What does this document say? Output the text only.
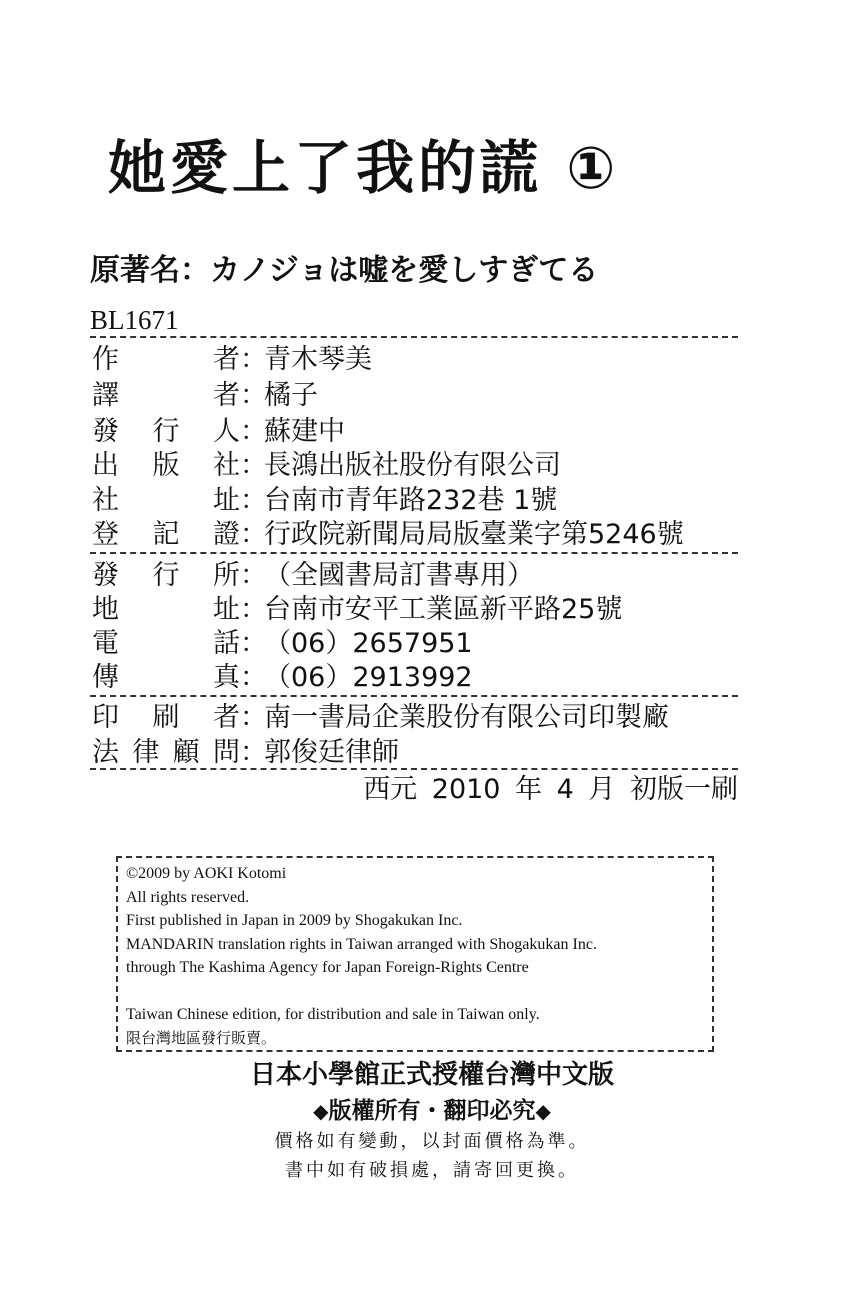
她愛上了我的謊 ①
原著名：カノジョは嘘を愛しすぎてる
BL1671
作者：青木琴美
譯者：橘子
發行人：蘇建中
出版社：長鴻出版社股份有限公司
社址：台南市青年路232巷 1號
登記證：行政院新聞局局版臺業字第5246號
發行所：（全國書局訂書專用）
地址：台南市安平工業區新平路25號
電話：（06）2657951
傳真：（06）2913992
印刷者：南一書局企業股份有限公司印製廠
法律顧問：郭俊廷律師
西元 2010 年 4 月 初版一刷
©2009 by AOKI Kotomi
All rights reserved.
First published in Japan in 2009 by Shogakukan Inc.
MANDARIN translation rights in Taiwan arranged with Shogakukan Inc.
through The Kashima Agency for Japan Foreign-Rights Centre
Taiwan Chinese edition, for distribution and sale in Taiwan only.
限台灣地區發行販賣。
日本小學館正式授權台灣中文版
◆版權所有・翻印必究◆
價格如有變動，以封面價格為準。
書中如有破損處，請寄回更換。
